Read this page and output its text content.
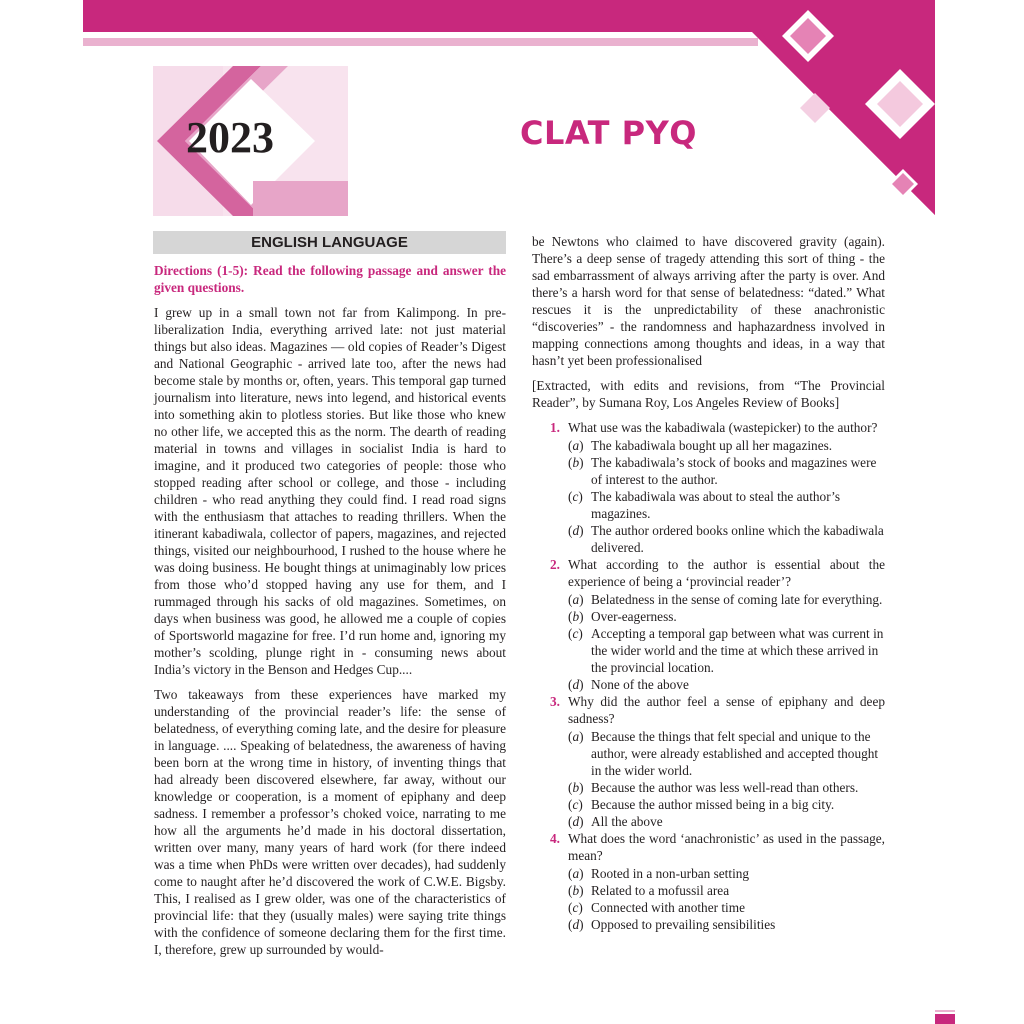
2023	CLAT PYQ
ENGLISH LANGUAGE

Directions (1-5): Read the following passage and answer the given questions.

I grew up in a small town not far from Kalimpong. In pre-liberalization India, everything arrived late: not just material things but also ideas. Magazines — old copies of Reader’s Digest and National Geographic - arrived late too, after the news had become stale by months or, often, years. This temporal gap turned journalism into literature, news into legend, and historical events into something akin to plotless stories. But like those who knew no other life, we accepted this as the norm. The dearth of reading material in towns and villages in socialist India is hard to imagine, and it produced two categories of people: those who stopped reading after school or college, and those - including children - who read anything they could find. I read road signs with the enthusiasm that attaches to reading thrillers. When the itinerant kabadiwala, collector of papers, magazines, and rejected things, visited our neighbourhood, I rushed to the house where he was doing business. He bought things at unimaginably low prices from those who’d stopped having any use for them, and I rummaged through his sacks of old magazines. Sometimes, on days when business was good, he allowed me a couple of copies of Sportsworld magazine for free. I’d run home and, ignoring my mother’s scolding, plunge right in - consuming news about India’s victory in the Benson and Hedges Cup....

Two takeaways from these experiences have marked my understanding of the provincial reader’s life: the sense of belatedness, of everything coming late, and the desire for pleasure in language. .... Speaking of belatedness, the awareness of having been born at the wrong time in history, of inventing things that had already been discovered elsewhere, far away, without our knowledge or cooperation, is a moment of epiphany and deep sadness. I remember a professor’s choked voice, narrating to me how all the arguments he’d made in his doctoral dissertation, written over many, many years of hard work (for there indeed was a time when PhDs were written over decades), had suddenly come to naught after he’d discovered the work of C.W.E. Bigsby. This, I realised as I grew older, was one of the characteristics of provincial life: that they (usually males) were saying trite things with the confidence of someone declaring them for the first time. I, therefore, grew up surrounded by would-

be Newtons who claimed to have discovered gravity (again). There’s a deep sense of tragedy attending this sort of thing - the sad embarrassment of always arriving after the party is over. And there’s a harsh word for that sense of belatedness: “dated.” What rescues it is the unpredictability of these anachronistic “discoveries” - the randomness and haphazardness involved in mapping connections among thoughts and ideas, in a way that hasn’t yet been professionalised

[Extracted, with edits and revisions, from “The Provincial Reader”, by Sumana Roy, Los Angeles Review of Books]

1. What use was the kabadiwala (wastepicker) to the author?
(a) The kabadiwala bought up all her magazines.
(b) The kabadiwala’s stock of books and magazines were of interest to the author.
(c) The kabadiwala was about to steal the author’s magazines.
(d) The author ordered books online which the kabadiwala delivered.
2. What according to the author is essential about the experience of being a ‘provincial reader’?
(a) Belatedness in the sense of coming late for everything.
(b) Over-eagerness.
(c) Accepting a temporal gap between what was current in the wider world and the time at which these arrived in the provincial location.
(d) None of the above
3. Why did the author feel a sense of epiphany and deep sadness?
(a) Because the things that felt special and unique to the author, were already established and accepted thought in the wider world.
(b) Because the author was less well-read than others.
(c) Because the author missed being in a big city.
(d) All the above
4. What does the word ‘anachronistic’ as used in the passage, mean?
(a) Rooted in a non-urban setting
(b) Related to a mofussil area
(c) Connected with another time
(d) Opposed to prevailing sensibilities
